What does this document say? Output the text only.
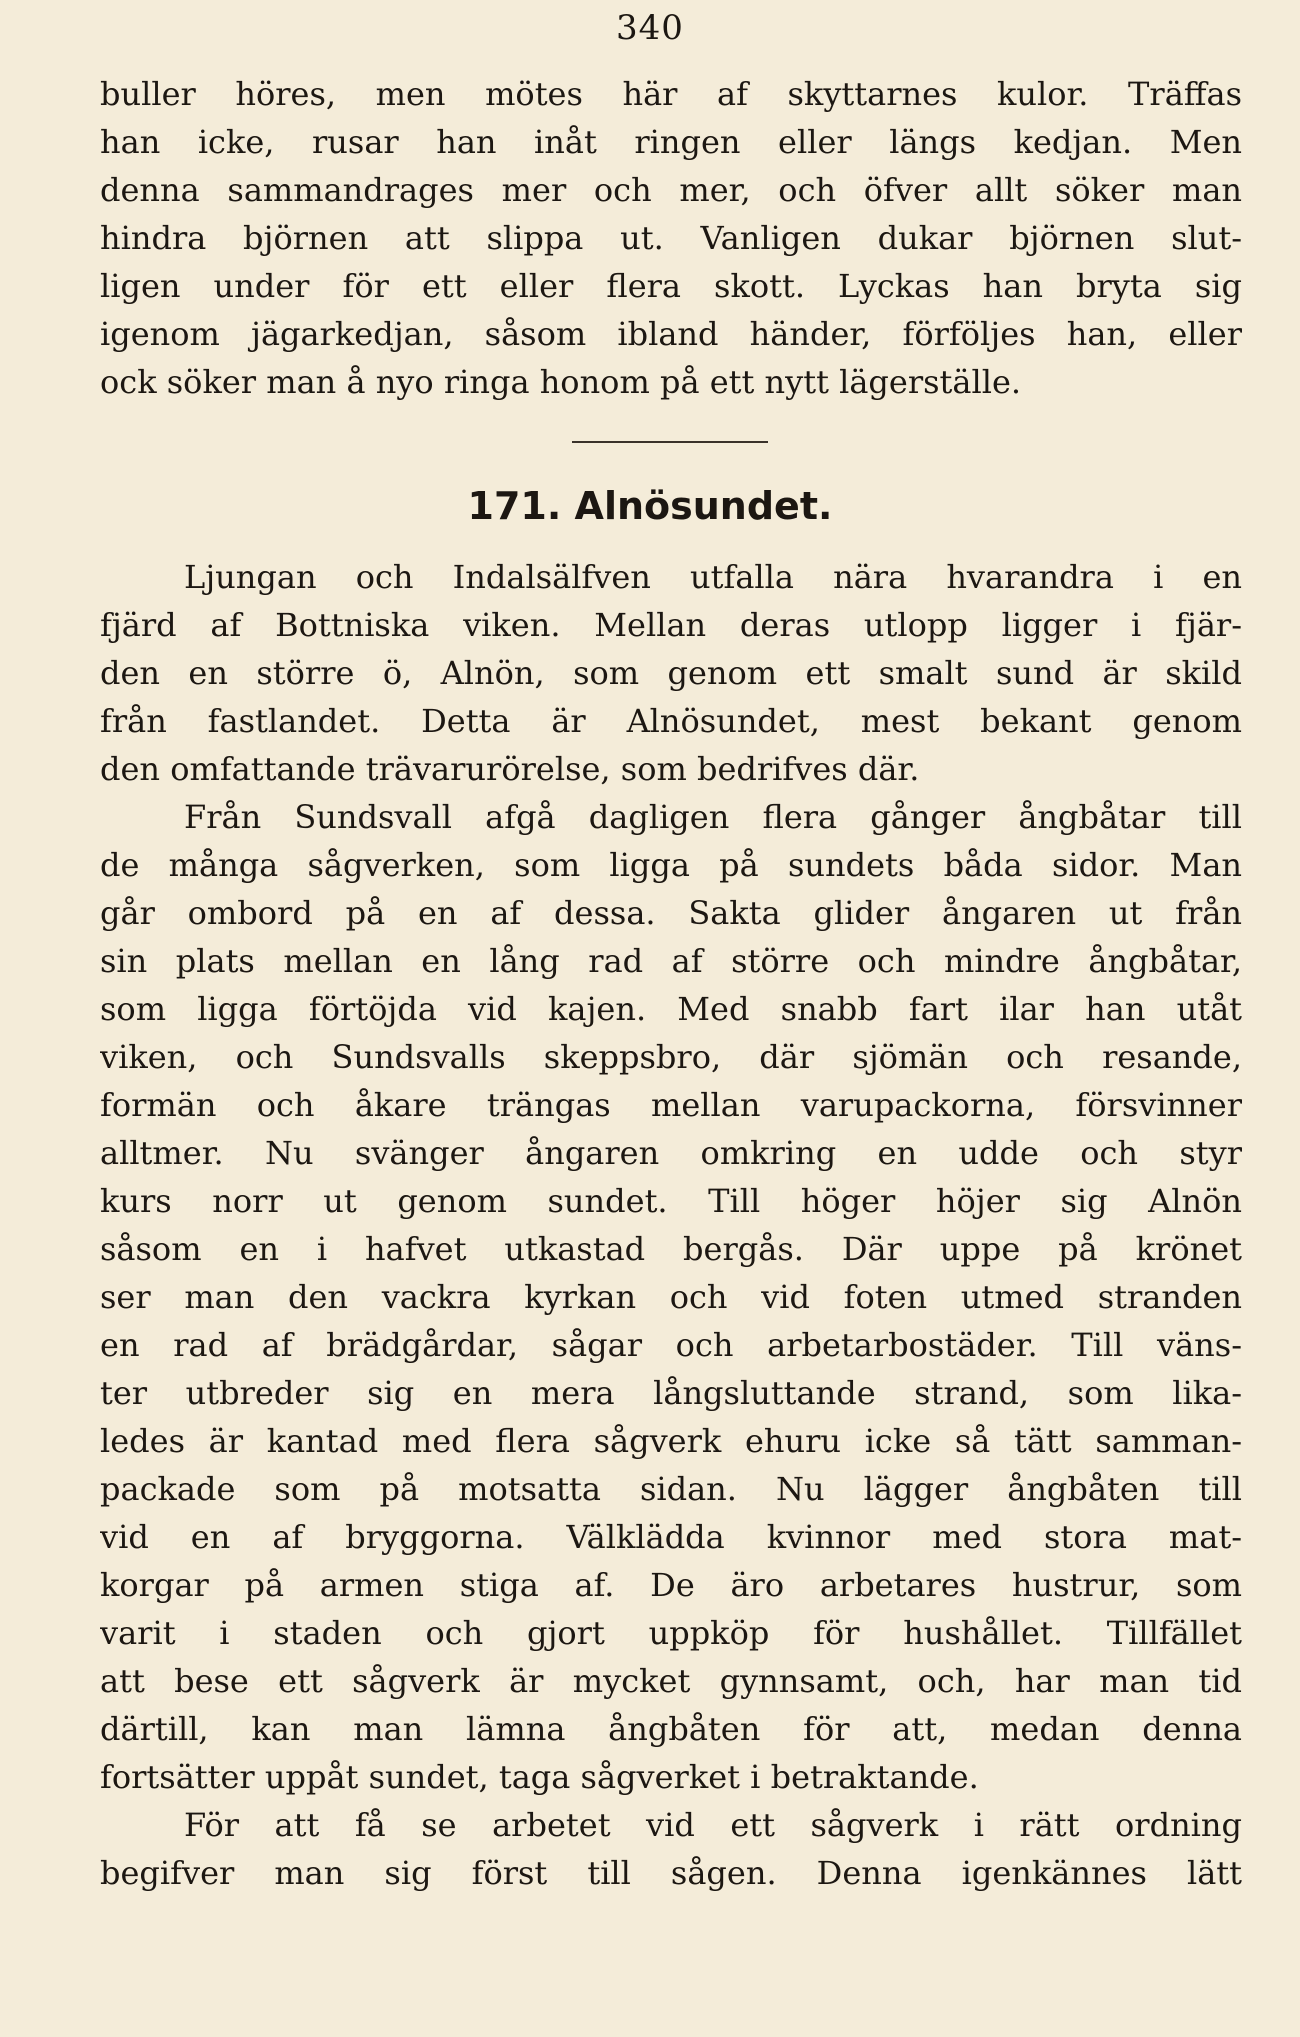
340
buller höres, men mötes här af skyttarnes kulor. Träffas
han icke, rusar han inåt ringen eller längs kedjan. Men
denna sammandrages mer och mer, och öfver allt söker man
hindra björnen att slippa ut. Vanligen dukar björnen slut-
ligen under för ett eller flera skott. Lyckas han bryta sig
igenom jägarkedjan, såsom ibland händer, förföljes han, eller
ock söker man å nyo ringa honom på ett nytt lägerställe.
171. Alnösundet.
Ljungan och Indalsälfven utfalla nära hvarandra i en
fjärd af Bottniska viken. Mellan deras utlopp ligger i fjär-
den en större ö, Alnön, som genom ett smalt sund är skild
från fastlandet. Detta är Alnösundet, mest bekant genom
den omfattande trävarurörelse, som bedrifves där.
Från Sundsvall afgå dagligen flera gånger ångbåtar till
de många sågverken, som ligga på sundets båda sidor. Man
går ombord på en af dessa. Sakta glider ångaren ut från
sin plats mellan en lång rad af större och mindre ångbåtar,
som ligga förtöjda vid kajen. Med snabb fart ilar han utåt
viken, och Sundsvalls skeppsbro, där sjömän och resande,
formän och åkare trängas mellan varupackorna, försvinner
alltmer. Nu svänger ångaren omkring en udde och styr
kurs norr ut genom sundet. Till höger höjer sig Alnön
såsom en i hafvet utkastad bergås. Där uppe på krönet
ser man den vackra kyrkan och vid foten utmed stranden
en rad af brädgårdar, sågar och arbetarbostäder. Till väns-
ter utbreder sig en mera långsluttande strand, som lika-
ledes är kantad med flera sågverk ehuru icke så tätt samman-
packade som på motsatta sidan. Nu lägger ångbåten till
vid en af bryggorna. Välklädda kvinnor med stora mat-
korgar på armen stiga af. De äro arbetares hustrur, som
varit i staden och gjort uppköp för hushållet. Tillfället
att bese ett sågverk är mycket gynnsamt, och, har man tid
därtill, kan man lämna ångbåten för att, medan denna
fortsätter uppåt sundet, taga sågverket i betraktande.
För att få se arbetet vid ett sågverk i rätt ordning
begifver man sig först till sågen. Denna igenkännes lätt
